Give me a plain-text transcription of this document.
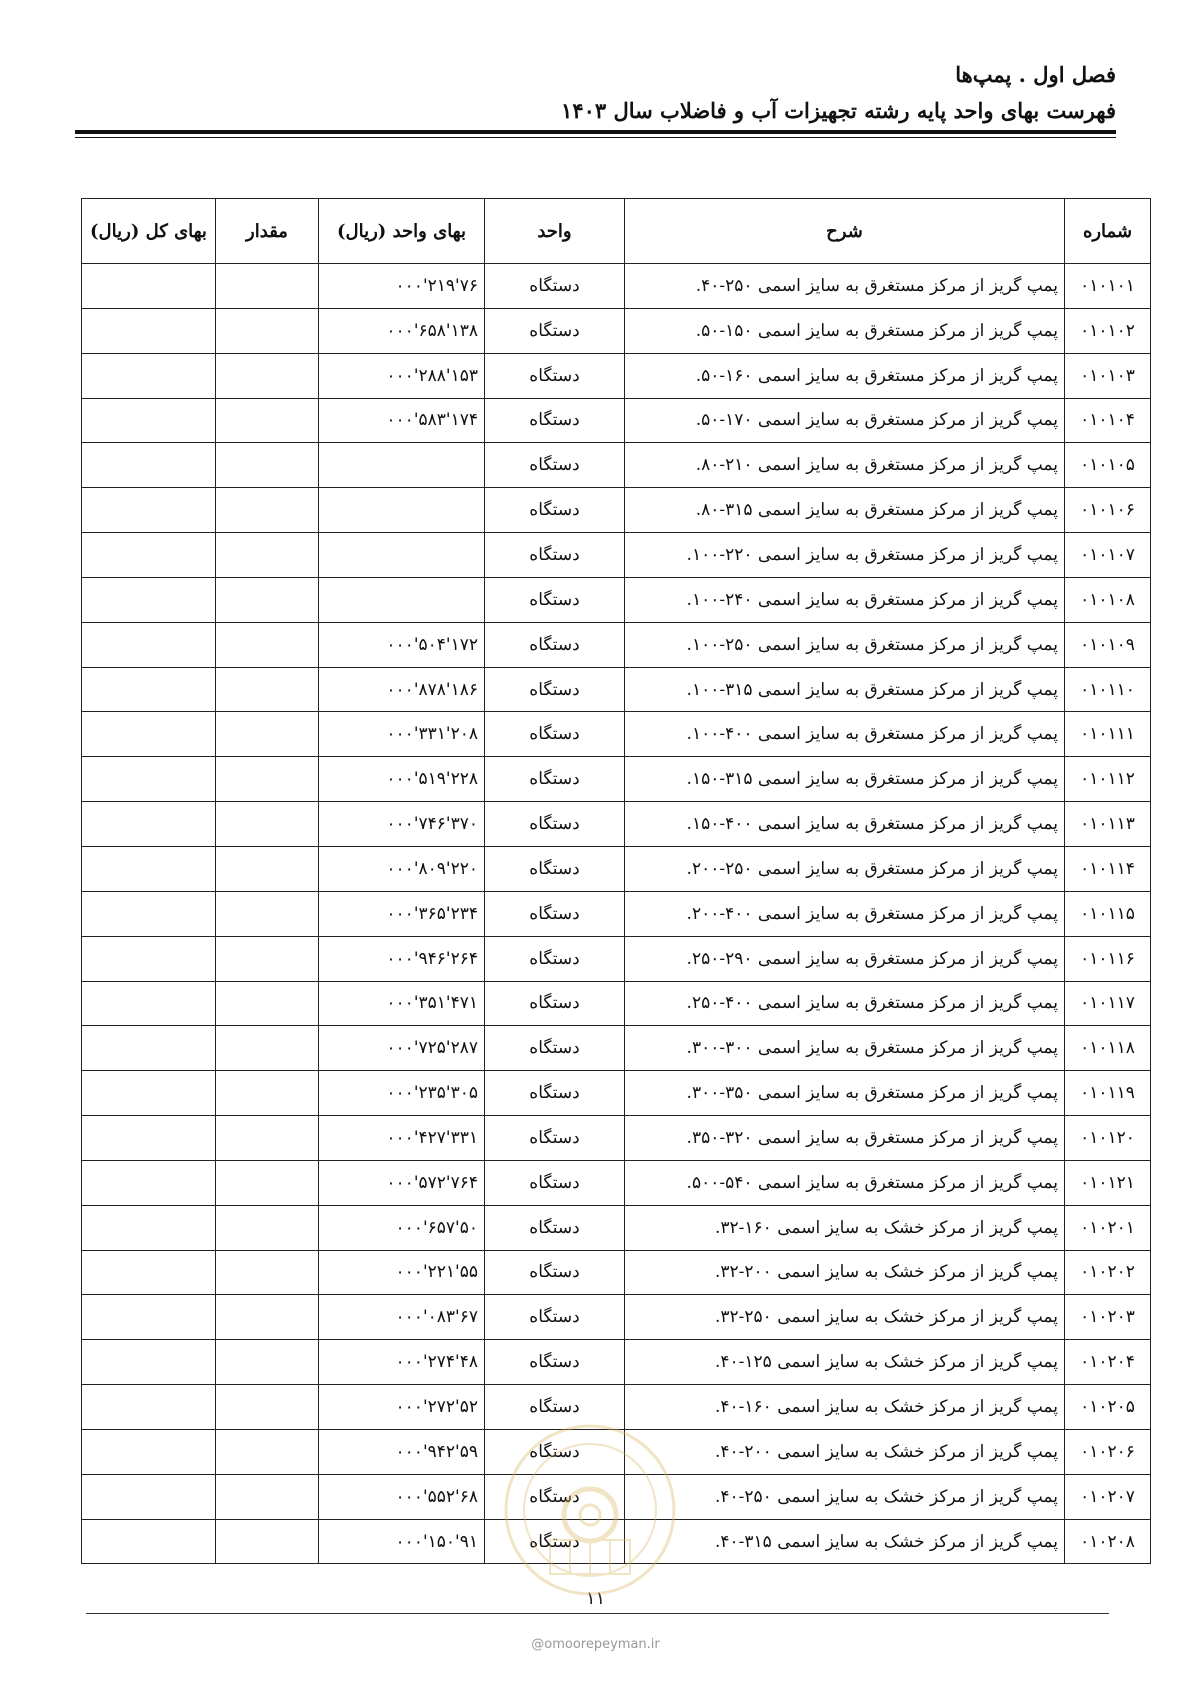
فصل اول . پمپ‌ها
فهرست بهای واحد پایه رشته تجهیزات آب و فاضلاب سال ۱۴۰۳
شماره	شرح	واحد	بهای واحد (ریال)	مقدار	بهای کل (ریال)
۰۱۰۱۰۱	پمپ گریز از مرکز مستغرق به سایز اسمی ۲۵۰-۴۰.	دستگاه	۷۶'۲۱۹'۰۰۰		
۰۱۰۱۰۲	پمپ گریز از مرکز مستغرق به سایز اسمی ۱۵۰-۵۰.	دستگاه	۱۳۸'۶۵۸'۰۰۰		
۰۱۰۱۰۳	پمپ گریز از مرکز مستغرق به سایز اسمی ۱۶۰-۵۰.	دستگاه	۱۵۳'۲۸۸'۰۰۰		
۰۱۰۱۰۴	پمپ گریز از مرکز مستغرق به سایز اسمی ۱۷۰-۵۰.	دستگاه	۱۷۴'۵۸۳'۰۰۰		
۰۱۰۱۰۵	پمپ گریز از مرکز مستغرق به سایز اسمی ۲۱۰-۸۰.	دستگاه			
۰۱۰۱۰۶	پمپ گریز از مرکز مستغرق به سایز اسمی ۳۱۵-۸۰.	دستگاه			
۰۱۰۱۰۷	پمپ گریز از مرکز مستغرق به سایز اسمی ۲۲۰-۱۰۰.	دستگاه			
۰۱۰۱۰۸	پمپ گریز از مرکز مستغرق به سایز اسمی ۲۴۰-۱۰۰.	دستگاه			
۰۱۰۱۰۹	پمپ گریز از مرکز مستغرق به سایز اسمی ۲۵۰-۱۰۰.	دستگاه	۱۷۲'۵۰۴'۰۰۰		
۰۱۰۱۱۰	پمپ گریز از مرکز مستغرق به سایز اسمی ۳۱۵-۱۰۰.	دستگاه	۱۸۶'۸۷۸'۰۰۰		
۰۱۰۱۱۱	پمپ گریز از مرکز مستغرق به سایز اسمی ۴۰۰-۱۰۰.	دستگاه	۲۰۸'۳۳۱'۰۰۰		
۰۱۰۱۱۲	پمپ گریز از مرکز مستغرق به سایز اسمی ۳۱۵-۱۵۰.	دستگاه	۲۲۸'۵۱۹'۰۰۰		
۰۱۰۱۱۳	پمپ گریز از مرکز مستغرق به سایز اسمی ۴۰۰-۱۵۰.	دستگاه	۳۷۰'۷۴۶'۰۰۰		
۰۱۰۱۱۴	پمپ گریز از مرکز مستغرق به سایز اسمی ۲۵۰-۲۰۰.	دستگاه	۲۲۰'۸۰۹'۰۰۰		
۰۱۰۱۱۵	پمپ گریز از مرکز مستغرق به سایز اسمی ۴۰۰-۲۰۰.	دستگاه	۲۳۴'۳۶۵'۰۰۰		
۰۱۰۱۱۶	پمپ گریز از مرکز مستغرق به سایز اسمی ۲۹۰-۲۵۰.	دستگاه	۲۶۴'۹۴۶'۰۰۰		
۰۱۰۱۱۷	پمپ گریز از مرکز مستغرق به سایز اسمی ۴۰۰-۲۵۰.	دستگاه	۴۷۱'۳۵۱'۰۰۰		
۰۱۰۱۱۸	پمپ گریز از مرکز مستغرق به سایز اسمی ۳۰۰-۳۰۰.	دستگاه	۲۸۷'۷۲۵'۰۰۰		
۰۱۰۱۱۹	پمپ گریز از مرکز مستغرق به سایز اسمی ۳۵۰-۳۰۰.	دستگاه	۳۰۵'۲۳۵'۰۰۰		
۰۱۰۱۲۰	پمپ گریز از مرکز مستغرق به سایز اسمی ۳۲۰-۳۵۰.	دستگاه	۳۳۱'۴۲۷'۰۰۰		
۰۱۰۱۲۱	پمپ گریز از مرکز مستغرق به سایز اسمی ۵۴۰-۵۰۰.	دستگاه	۷۶۴'۵۷۲'۰۰۰		
۰۱۰۲۰۱	پمپ گریز از مرکز خشک به سایز اسمی ۱۶۰-۳۲.	دستگاه	۵۰'۶۵۷'۰۰۰		
۰۱۰۲۰۲	پمپ گریز از مرکز خشک به سایز اسمی ۲۰۰-۳۲.	دستگاه	۵۵'۲۲۱'۰۰۰		
۰۱۰۲۰۳	پمپ گریز از مرکز خشک به سایز اسمی ۲۵۰-۳۲.	دستگاه	۶۷'۰۸۳'۰۰۰		
۰۱۰۲۰۴	پمپ گریز از مرکز خشک به سایز اسمی ۱۲۵-۴۰.	دستگاه	۴۸'۲۷۴'۰۰۰		
۰۱۰۲۰۵	پمپ گریز از مرکز خشک به سایز اسمی ۱۶۰-۴۰.	دستگاه	۵۲'۲۷۲'۰۰۰		
۰۱۰۲۰۶	پمپ گریز از مرکز خشک به سایز اسمی ۲۰۰-۴۰.	دستگاه	۵۹'۹۴۲'۰۰۰		
۰۱۰۲۰۷	پمپ گریز از مرکز خشک به سایز اسمی ۲۵۰-۴۰.	دستگاه	۶۸'۵۵۲'۰۰۰		
۰۱۰۲۰۸	پمپ گریز از مرکز خشک به سایز اسمی ۳۱۵-۴۰.	دستگاه	۹۱'۱۵۰'۰۰۰		
۱۱
@omoorepeyman.ir
